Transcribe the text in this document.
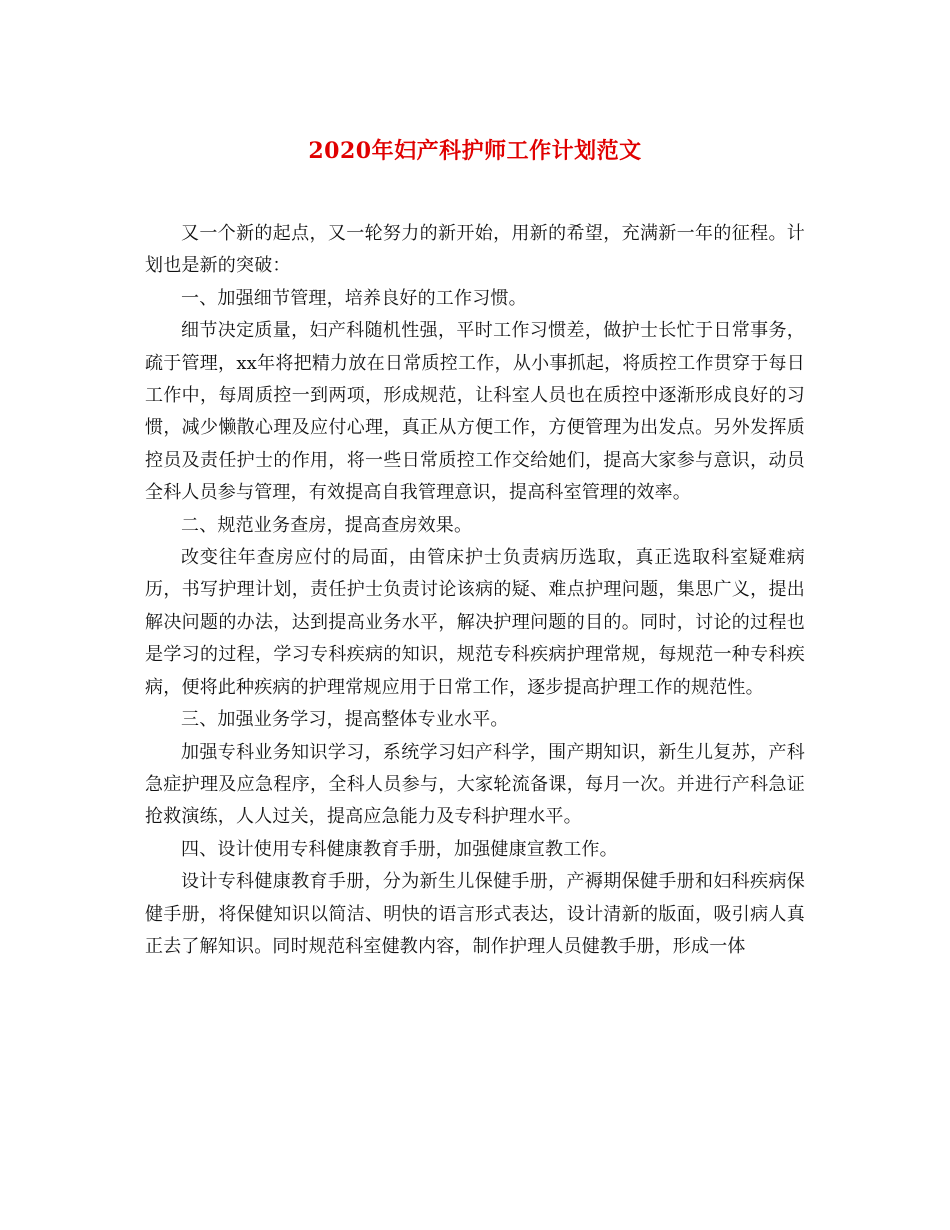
2020年妇产科护师工作计划范文

又一个新的起点，又一轮努力的新开始，用新的希望，充满新一年的征程。计划也是新的突破：

一、加强细节管理，培养良好的工作习惯。

细节决定质量，妇产科随机性强，平时工作习惯差，做护士长忙于日常事务，疏于管理，xx年将把精力放在日常质控工作，从小事抓起，将质控工作贯穿于每日工作中，每周质控一到两项，形成规范，让科室人员也在质控中逐渐形成良好的习惯，减少懒散心理及应付心理，真正从方便工作，方便管理为出发点。另外发挥质控员及责任护士的作用，将一些日常质控工作交给她们，提高大家参与意识，动员全科人员参与管理，有效提高自我管理意识，提高科室管理的效率。

二、规范业务查房，提高查房效果。

改变往年查房应付的局面，由管床护士负责病历选取，真正选取科室疑难病历，书写护理计划，责任护士负责讨论该病的疑、难点护理问题，集思广义，提出解决问题的办法，达到提高业务水平，解决护理问题的目的。同时，讨论的过程也是学习的过程，学习专科疾病的知识，规范专科疾病护理常规，每规范一种专科疾病，便将此种疾病的护理常规应用于日常工作，逐步提高护理工作的规范性。

三、加强业务学习，提高整体专业水平。

加强专科业务知识学习，系统学习妇产科学，围产期知识，新生儿复苏，产科急症护理及应急程序，全科人员参与，大家轮流备课，每月一次。并进行产科急证抢救演练，人人过关，提高应急能力及专科护理水平。

四、设计使用专科健康教育手册，加强健康宣教工作。

设计专科健康教育手册，分为新生儿保健手册，产褥期保健手册和妇科疾病保健手册，将保健知识以简洁、明快的语言形式表达，设计清新的版面，吸引病人真正去了解知识。同时规范科室健教内容，制作护理人员健教手册，形成一体
